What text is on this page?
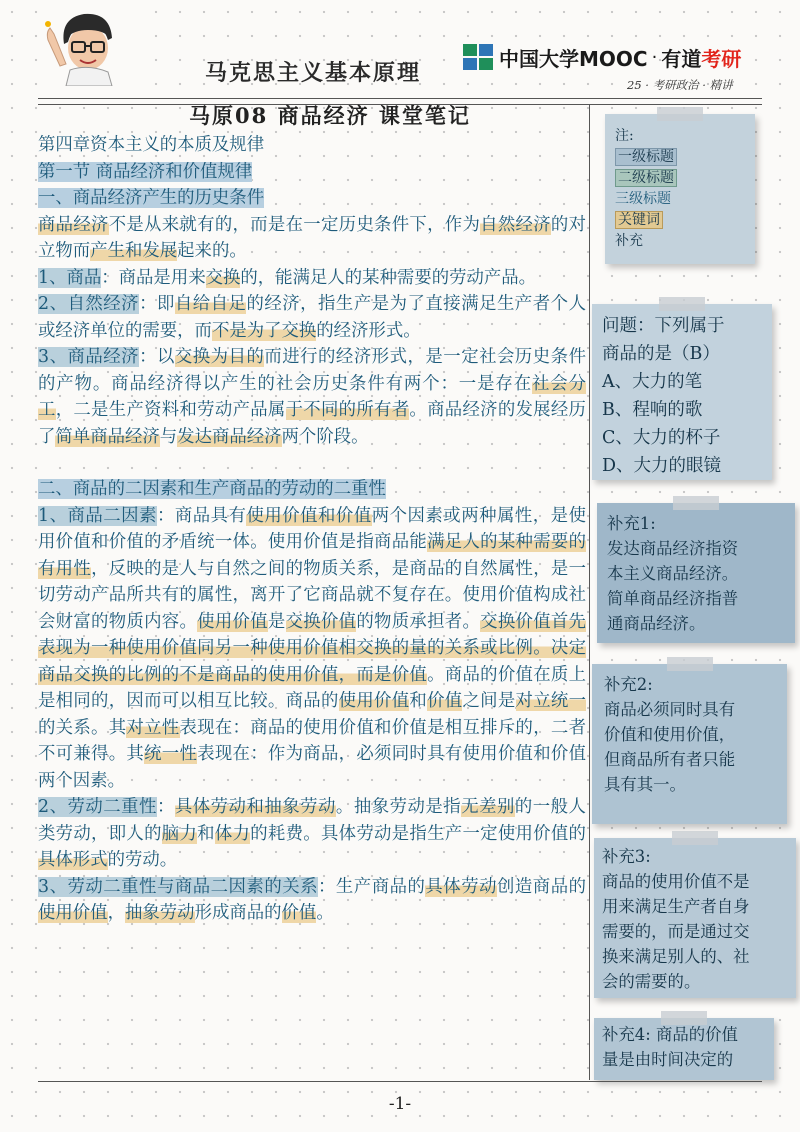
马克思主义基本原理
中国大学MOOC · 有道 考研
25 · 考研政治 · 精讲
马原08 商品经济 课堂笔记

第四章资本主义的本质及规律

第一节 商品经济和价值规律

一、商品经济产生的历史条件

商品经济不是从来就有的，而是在一定历史条件下，作为自然经济的对立物而产生和发展起来的。

1、商品：商品是用来交换的，能满足人的某种需要的劳动产品。

2、自然经济：即自给自足的经济，指生产是为了直接满足生产者个人或经济单位的需要，而不是为了交换的经济形式。

3、商品经济：以交换为目的而进行的经济形式，是一定社会历史条件的产物。商品经济得以产生的社会历史条件有两个：一是存在社会分工，二是生产资料和劳动产品属于不同的所有者。商品经济的发展经历了简单商品经济与发达商品经济两个阶段。

二、商品的二因素和生产商品的劳动的二重性

1、商品二因素：商品具有使用价值和价值两个因素或两种属性，是使用价值和价值的矛盾统一体。使用价值是指商品能满足人的某种需要的有用性，反映的是人与自然之间的物质关系，是商品的自然属性，是一切劳动产品所共有的属性，离开了它商品就不复存在。使用价值构成社会财富的物质内容。使用价值是交换价值的物质承担者。交换价值首先表现为一种使用价值同另一种使用价值相交换的量的关系或比例。决定商品交换的比例的不是商品的使用价值，而是价值。商品的价值在质上是相同的，因而可以相互比较。商品的使用价值和价值之间是对立统一的关系。其对立性表现在：商品的使用价值和价值是相互排斥的，二者不可兼得。其统一性表现在：作为商品，必须同时具有使用价值和价值两个因素。

2、劳动二重性：具体劳动和抽象劳动。抽象劳动是指无差别的一般人类劳动，即人的脑力和体力的耗费。具体劳动是指生产一定使用价值的具体形式的劳动。

3、劳动二重性与商品二因素的关系：生产商品的具体劳动创造商品的使用价值，抽象劳动形成商品的价值。

注:
一级标题
二级标题
三级标题
关键词
补充
问题：下列属于
商品的是（B）
A、大力的笔
B、程响的歌
C、大力的杯子
D、大力的眼镜
补充1:
发达商品经济指资
本主义商品经济。
简单商品经济指普
通商品经济。
补充2:
商品必须同时具有
价值和使用价值，
但商品所有者只能
具有其一。
补充3:
商品的使用价值不是
用来满足生产者自身
需要的，而是通过交
换来满足别人的、社
会的需要的。
补充4: 商品的价值
量是由时间决定的
-1-
